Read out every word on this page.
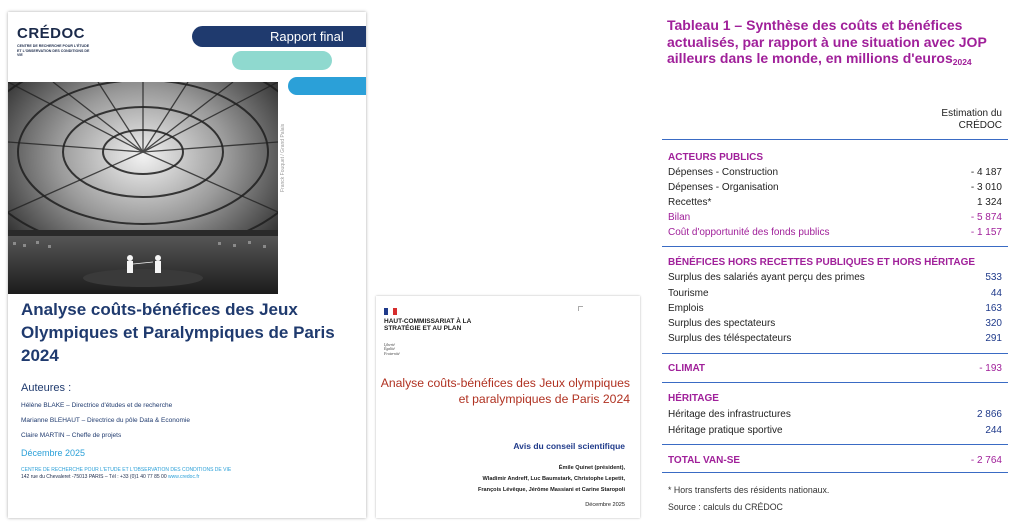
CRÉDOC
CENTRE DE RECHERCHE POUR L'ÉTUDE ET L'OBSERVATION DES CONDITIONS DE VIE
Rapport final
Franck Fouquet / Grand Palais
Analyse coûts-bénéfices des Jeux Olympiques et Paralympiques de Paris 2024
Auteures :
Hélène BLAKE – Directrice d'études et de recherche
Marianne BLEHAUT – Directrice du pôle Data & Economie
Claire MARTIN – Cheffe de projets
Décembre 2025
CENTRE DE RECHERCHE POUR L'ETUDE ET L'OBSERVATION DES CONDITIONS DE VIE
142 rue du Chevaleret -75013 PARIS – Tél : +33 (0)1 40 77 85 00 www.credoc.fr
HAUT-COMMISSARIAT À LA STRATÉGIE ET AU PLAN
Liberté
Égalité
Fraternité
Analyse coûts-bénéfices des Jeux olympiques et paralympiques de Paris 2024
Avis du conseil scientifique
Émile Quinet (président),
Wladimir Andreff, Luc Baumstark, Christophe Lepetit,
François Lévêque, Jérôme Massiani et Carine Staropoli
Décembre 2025
Tableau 1 – Synthèse des coûts et bénéfices actualisés, par rapport à une situation avec JOP ailleurs dans le monde, en millions d'euros$_{2024}$
Estimation du CRÉDOC
ACTEURS PUBLICS
Dépenses - Construction	- 4 187
Dépenses - Organisation	- 3 010
Recettes*	1 324
Bilan	- 5 874
Coût d'opportunité des fonds publics	- 1 157
BÉNÉFICES HORS RECETTES PUBLIQUES ET HORS HÉRITAGE
Surplus des salariés ayant perçu des primes	533
Tourisme	44
Emplois	163
Surplus des spectateurs	320
Surplus des téléspectateurs	291
CLIMAT	- 193
HÉRITAGE
Héritage des infrastructures	2 866
Héritage pratique sportive	244
TOTAL VAN-SE	- 2 764
* Hors transferts des résidents nationaux.
Source : calculs du CRÉDOC
